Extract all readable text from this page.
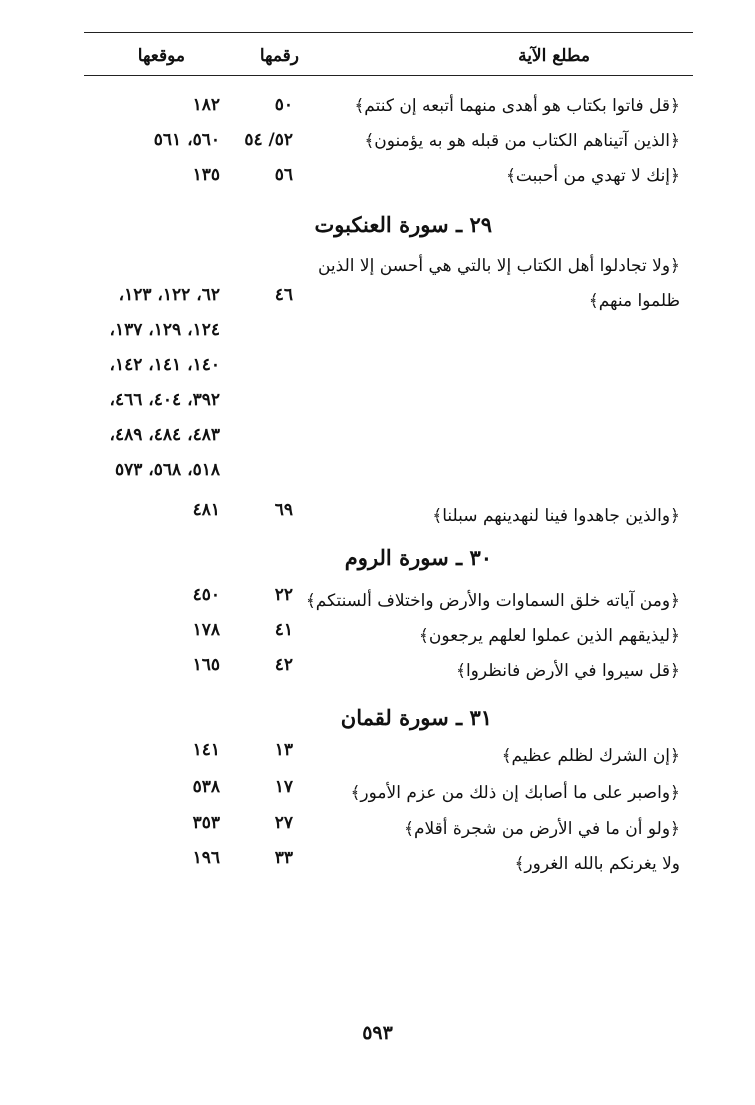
مطلع الآية
رقمها
موقعها
﴿قل فاتوا بكتاب هو أهدى منهما أتبعه إن كنتم﴾
٥٠
١٨٢
﴿الذين آتيناهم الكتاب من قبله هو به يؤمنون﴾
٥٢/ ٥٤
٥٦٠، ٥٦١
﴿إنك لا تهدي من أحببت﴾
٥٦
١٣٥
٢٩ ـ سورة العنكبوت
﴿ولا تجادلوا أهل الكتاب إلا بالتي هي أحسن إلا الذين
ظلموا منهم﴾
٤٦
٦٢، ١٢٢، ١٢٣،
١٢٤، ١٢٩، ١٣٧،
١٤٠، ١٤١، ١٤٢،
٣٩٢، ٤٠٤، ٤٦٦،
٤٨٣، ٤٨٤، ٤٨٩،
٥١٨، ٥٦٨، ٥٧٣
﴿والذين جاهدوا فينا لنهدينهم سبلنا﴾
٦٩
٤٨١
٣٠ ـ سورة الروم
﴿ومن آياته خلق السماوات والأرض واختلاف ألسنتكم﴾
٢٢
٤٥٠
﴿ليذيقهم الذين عملوا لعلهم يرجعون﴾
٤١
١٧٨
﴿قل سيروا في الأرض فانظروا﴾
٤٢
١٦٥
٣١ ـ سورة لقمان
﴿إن الشرك لظلم عظيم﴾
١٣
١٤١
﴿واصبر على ما أصابك إن ذلك من عزم الأمور﴾
١٧
٥٣٨
﴿ولو أن ما في الأرض من شجرة أقلام﴾
٢٧
٣٥٣
ولا يغرنكم بالله الغرور﴾
٣٣
١٩٦
٥٩٣
